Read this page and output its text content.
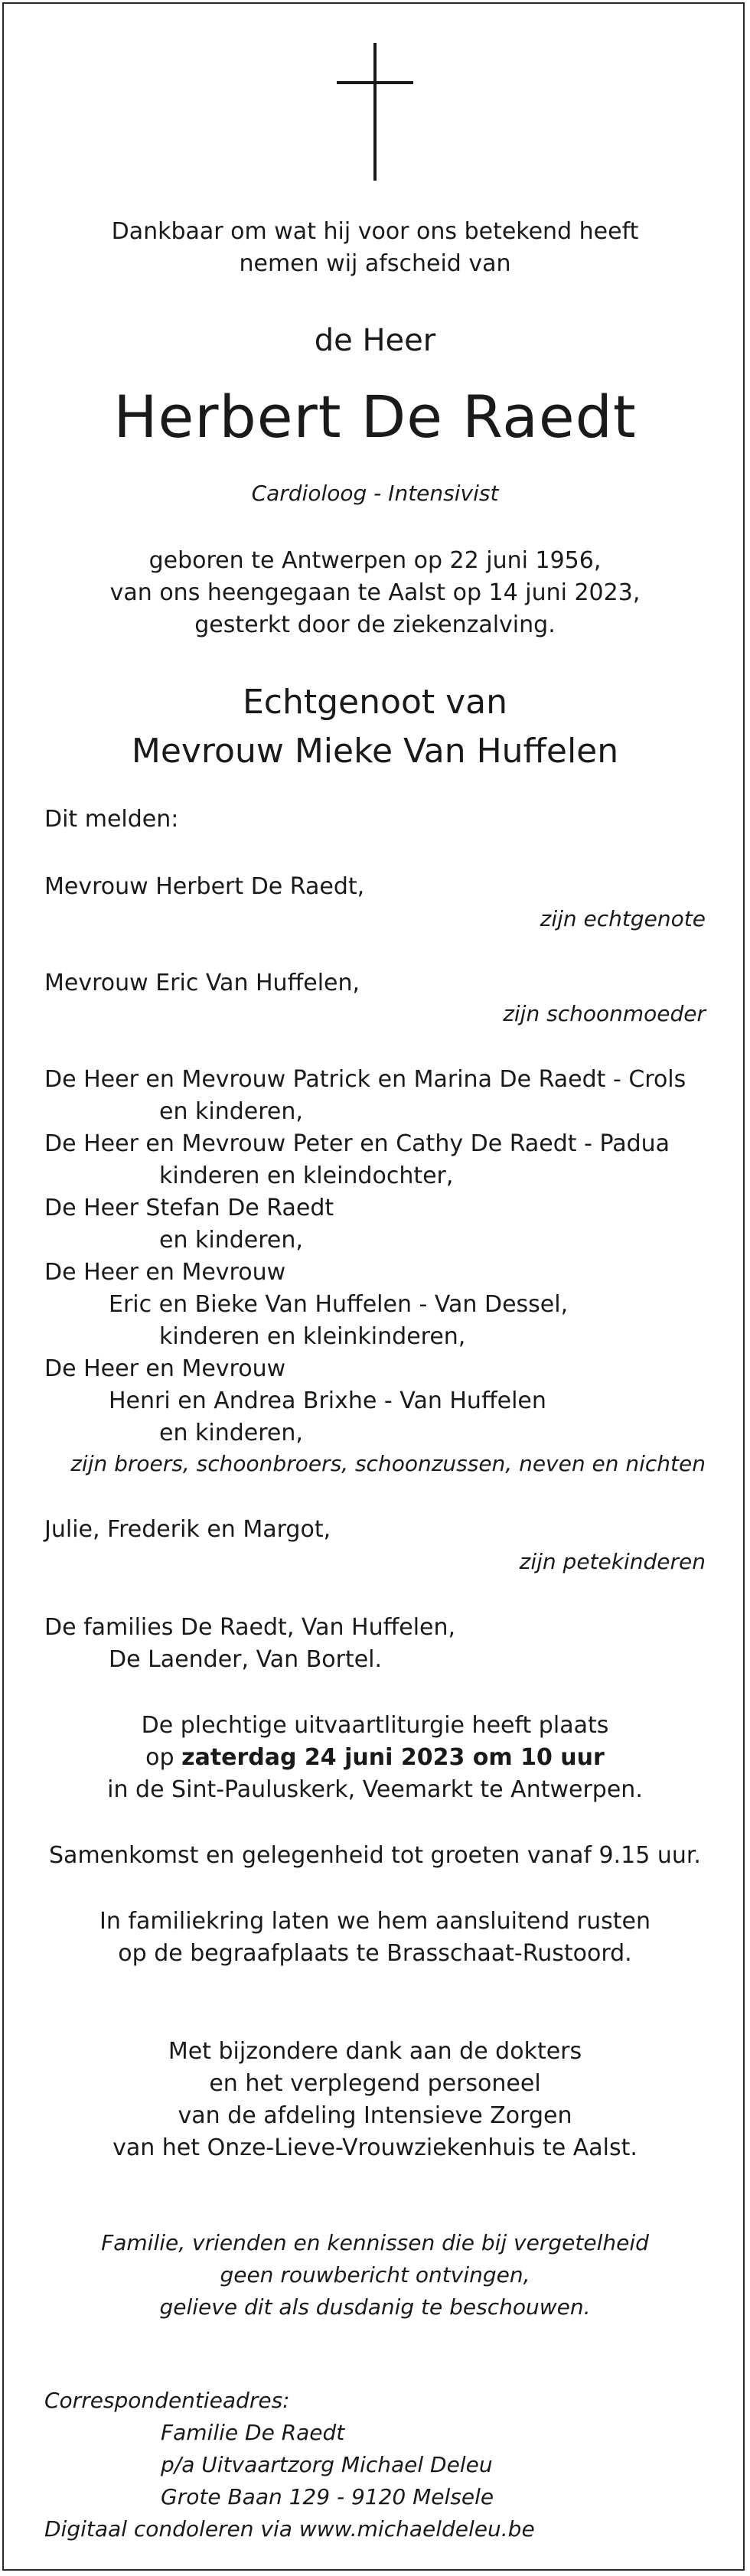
Dankbaar om wat hij voor ons betekend heeft
nemen wij afscheid van
de Heer
Herbert De Raedt
Cardioloog - Intensivist
geboren te Antwerpen op 22 juni 1956,
van ons heengegaan te Aalst op 14 juni 2023,
gesterkt door de ziekenzalving.
Echtgenoot van
Mevrouw Mieke Van Huffelen
Dit melden:
Mevrouw Herbert De Raedt,
zijn echtgenote
Mevrouw Eric Van Huffelen,
zijn schoonmoeder
De Heer en Mevrouw Patrick en Marina De Raedt - Crols
en kinderen,
De Heer en Mevrouw Peter en Cathy De Raedt - Padua
kinderen en kleindochter,
De Heer Stefan De Raedt
en kinderen,
De Heer en Mevrouw
Eric en Bieke Van Huffelen - Van Dessel,
kinderen en kleinkinderen,
De Heer en Mevrouw
Henri en Andrea Brixhe - Van Huffelen
en kinderen,
zijn broers, schoonbroers, schoonzussen, neven en nichten
Julie, Frederik en Margot,
zijn petekinderen
De families De Raedt, Van Huffelen,
De Laender, Van Bortel.
De plechtige uitvaartliturgie heeft plaats
op zaterdag 24 juni 2023 om 10 uur
in de Sint-Pauluskerk, Veemarkt te Antwerpen.
Samenkomst en gelegenheid tot groeten vanaf 9.15 uur.
In familiekring laten we hem aansluitend rusten
op de begraafplaats te Brasschaat-Rustoord.
Met bijzondere dank aan de dokters
en het verplegend personeel
van de afdeling Intensieve Zorgen
van het Onze-Lieve-Vrouwziekenhuis te Aalst.
Familie, vrienden en kennissen die bij vergetelheid
geen rouwbericht ontvingen,
gelieve dit als dusdanig te beschouwen.
Correspondentieadres:
Familie De Raedt
p/a Uitvaartzorg Michael Deleu
Grote Baan 129 - 9120 Melsele
Digitaal condoleren via www.michaeldeleu.be
